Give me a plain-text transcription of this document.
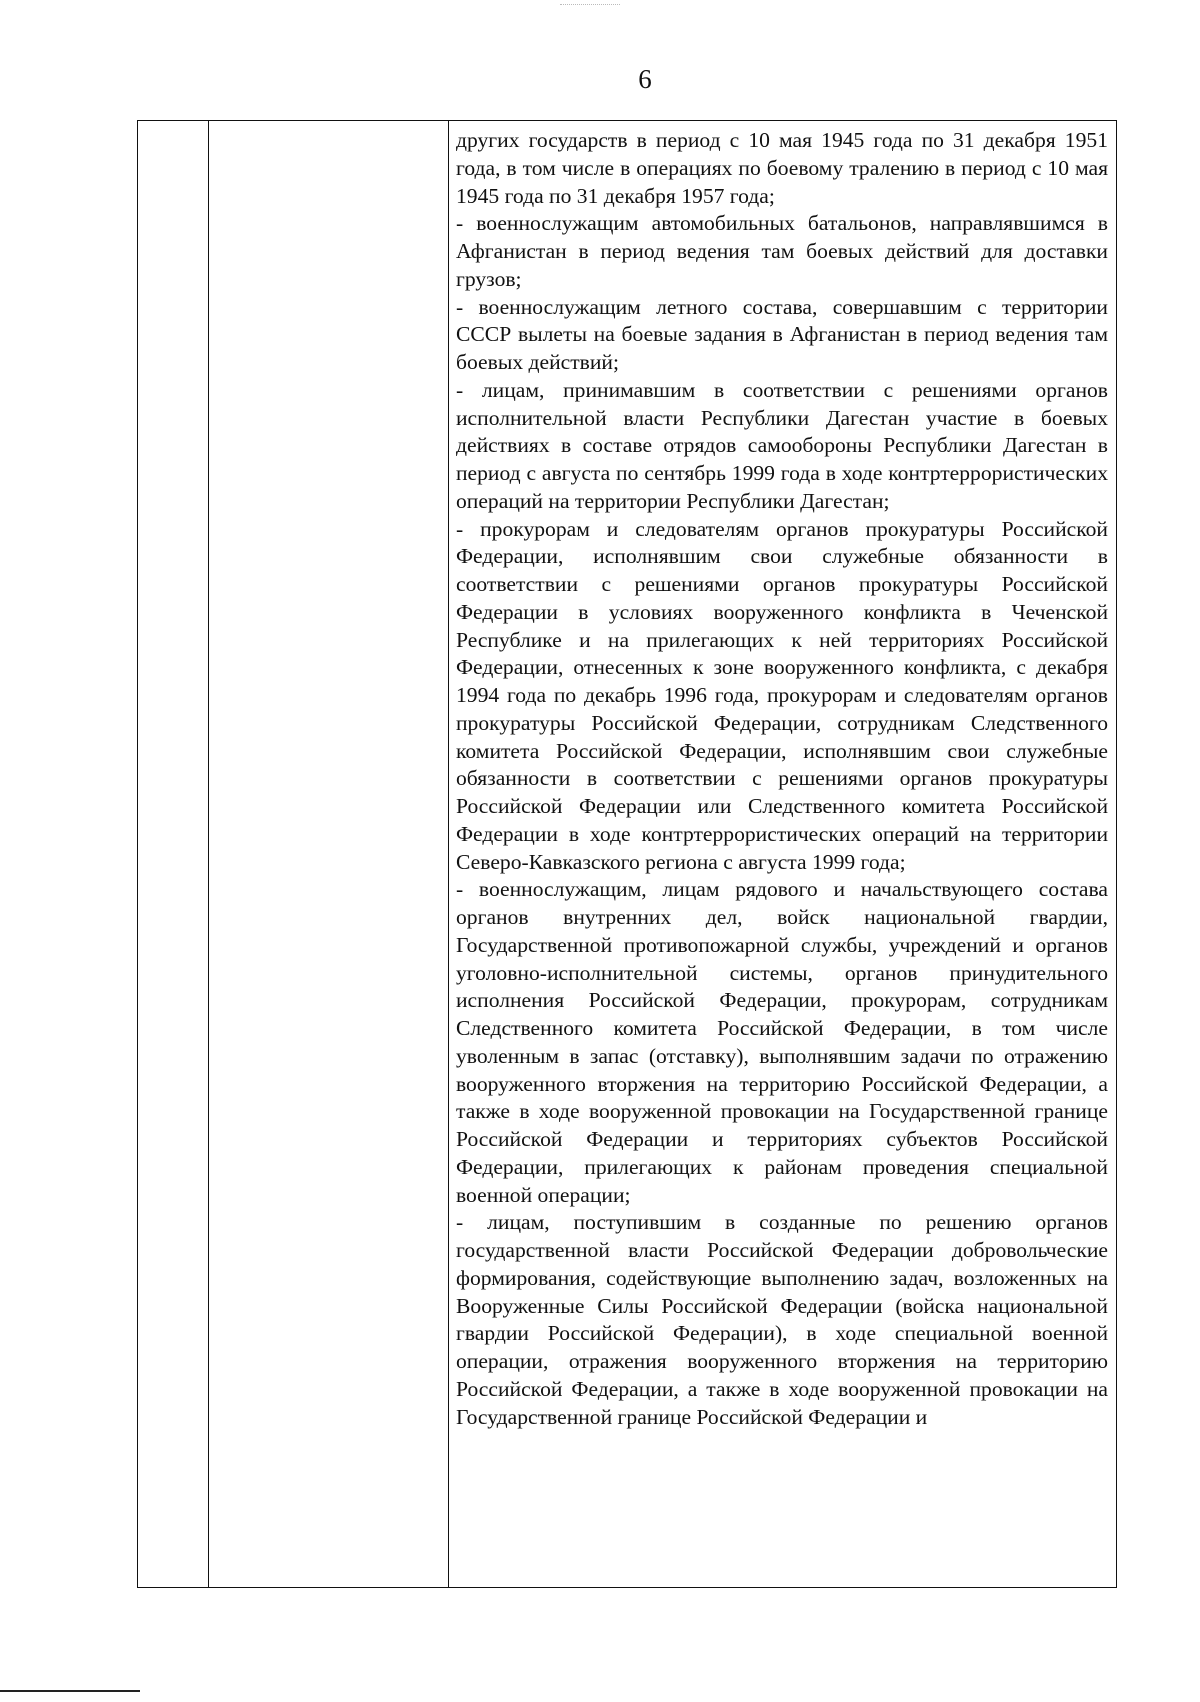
6

других государств в период с 10 мая 1945 года по 31 декабря 1951 года, в том числе в операциях по боевому тралению в период с 10 мая 1945 года по 31 декабря 1957 года;

- военнослужащим автомобильных батальонов, направлявшимся в Афганистан в период ведения там боевых действий для доставки грузов;

- военнослужащим летного состава, совершавшим с территории СССР вылеты на боевые задания в Афганистан в период ведения там боевых действий;

- лицам, принимавшим в соответствии с решениями органов исполнительной власти Республики Дагестан участие в боевых действиях в составе отрядов самообороны Республики Дагестан в период с августа по сентябрь 1999 года в ходе контртеррористических операций на территории Республики Дагестан;

- прокурорам и следователям органов прокуратуры Российской Федерации, исполнявшим свои служебные обязанности в соответствии с решениями органов прокуратуры Российской Федерации в условиях вооруженного конфликта в Чеченской Республике и на прилегающих к ней территориях Российской Федерации, отнесенных к зоне вооруженного конфликта, с декабря 1994 года по декабрь 1996 года, прокурорам и следователям органов прокуратуры Российской Федерации, сотрудникам Следственного комитета Российской Федерации, исполнявшим свои служебные обязанности в соответствии с решениями органов прокуратуры Российской Федерации или Следственного комитета Российской Федерации в ходе контртеррористических операций на территории Северо-Кавказского региона с августа 1999 года;

- военнослужащим, лицам рядового и начальствующего состава органов внутренних дел, войск национальной гвардии, Государственной противопожарной службы, учреждений и органов уголовно-исполнительной системы, органов принудительного исполнения Российской Федерации, прокурорам, сотрудникам Следственного комитета Российской Федерации, в том числе уволенным в запас (отставку), выполнявшим задачи по отражению вооруженного вторжения на территорию Российской Федерации, а также в ходе вооруженной провокации на Государственной границе Российской Федерации и территориях субъектов Российской Федерации, прилегающих к районам проведения специальной военной операции;

- лицам, поступившим в созданные по решению органов государственной власти Российской Федерации добровольческие формирования, содействующие выполнению задач, возложенных на Вооруженные Силы Российской Федерации (войска национальной гвардии Российской Федерации), в ходе специальной военной операции, отражения вооруженного вторжения на территорию Российской Федерации, а также в ходе вооруженной провокации на Государственной границе Российской Федерации и
